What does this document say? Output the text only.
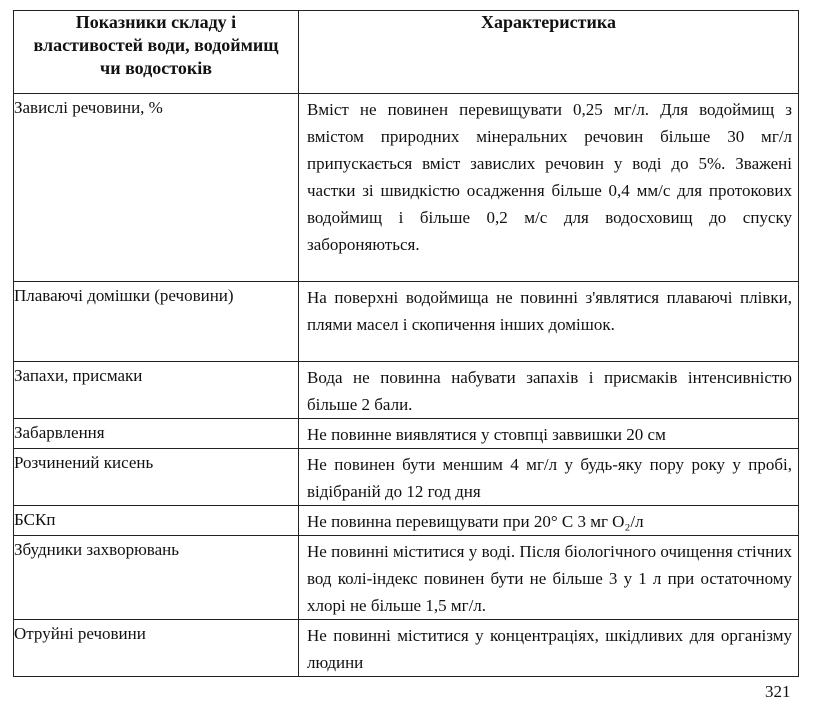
Показники складу і властивостей води, водоймищ чи водостоків	Характеристика

Завислі речовини, %	Вміст не повинен перевищувати 0,25 мг/л. Для водоймищ з вмістом природних мінеральних речовин більше 30 мг/л припускається вміст завислих речовин у воді до 5%. Зважені частки зі швидкістю осадження більше 0,4 мм/с для протокових водоймищ і більше 0,2 м/с для водосховищ до спуску забороняються.
Плаваючі домішки (речовини)	На поверхні водоймища не повинні з'являтися плаваючі плівки, плями масел і скопичення інших домішок.
Запахи, присмаки	Вода не повинна набувати запахів і присмаків інтенсивністю більше 2 бали.
Забарвлення	Не повинне виявлятися у стовпці заввишки 20 см
Розчинений кисень	Не повинен бути меншим 4 мг/л у будь-яку пору року у пробі, відібраній до 12 год дня
БСКп	Не повинна перевищувати при 20° С 3 мг O₂/л
Збудники захворювань	Не повинні міститися у воді. Після біологічного очищення стічних вод колі-індекс повинен бути не більше 3 у 1 л при остаточному хлорі не більше 1,5 мг/л.
Отруйні речовини	Не повинні міститися у концентраціях, шкідливих для організму людини
321
